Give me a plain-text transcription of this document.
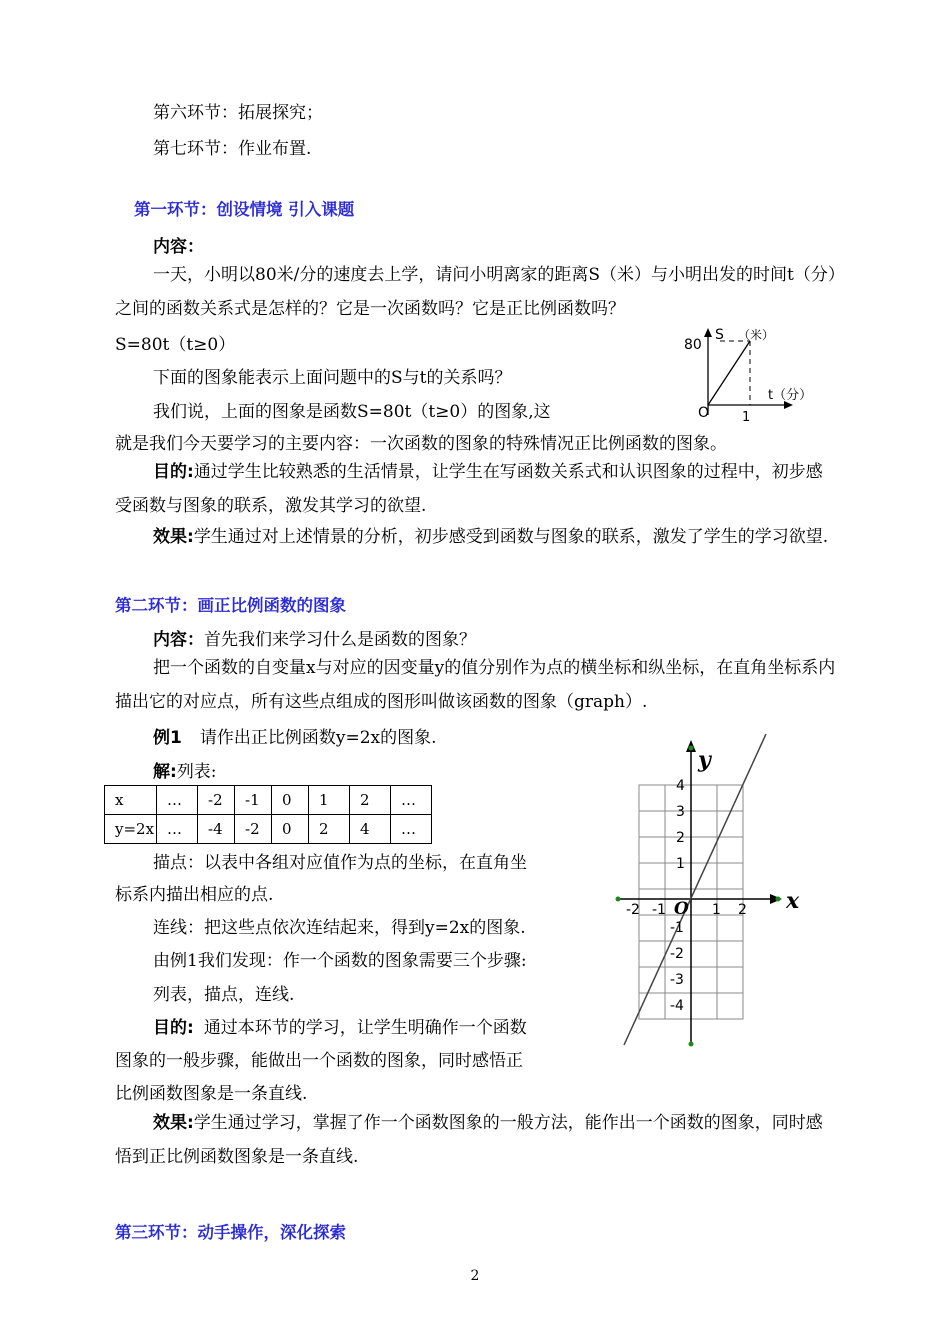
第六环节：拓展探究；
第七环节：作业布置.
第一环节：创设情境 引入课题
内容：
一天，小明以80米/分的速度去上学，请问小明离家的距离S（米）与小明出发的时间t（分）之间的函数关系式是怎样的？它是一次函数吗？它是正比例函数吗？
S=80t（t≥0）
下面的图象能表示上面问题中的S与t的关系吗？
我们说，上面的图象是函数S=80t（t≥0）的图象,这
就是我们今天要学习的主要内容：一次函数的图象的特殊情况正比例函数的图象。
80
S （米）
t（分）
1
O
目的:通过学生比较熟悉的生活情景，让学生在写函数关系式和认识图象的过程中，初步感受函数与图象的联系，激发其学习的欲望.
效果:学生通过对上述情景的分析，初步感受到函数与图象的联系，激发了学生的学习欲望.
第二环节：画正比例函数的图象
内容：首先我们来学习什么是函数的图象？
把一个函数的自变量x与对应的因变量y的值分别作为点的横坐标和纵坐标，在直角坐标系内描出它的对应点，所有这些点组成的图形叫做该函数的图象（graph）.
例1 请作出正比例函数y=2x的图象.
解:列表:
x	…	-2	-1	0	1	2	…
y=2x	…	-4	-2	0	2	4	…
描点：以表中各组对应值作为点的坐标，在直角坐
标系内描出相应的点.
连线：把这些点依次连结起来，得到y=2x的图象.
由例1我们发现：作一个函数的图象需要三个步骤:
列表，描点，连线.
目的: 通过本环节的学习，让学生明确作一个函数
图象的一般步骤，能做出一个函数的图象，同时感悟正
比例函数图象是一条直线.
效果:学生通过学习，掌握了作一个函数图象的一般方法，能作出一个函数的图象，同时感悟到正比例函数图象是一条直线.
y
x
O
-2 -1	1 2
4
3
2
1
-1
-2
-3
-4
第三环节：动手操作，深化探索
2
